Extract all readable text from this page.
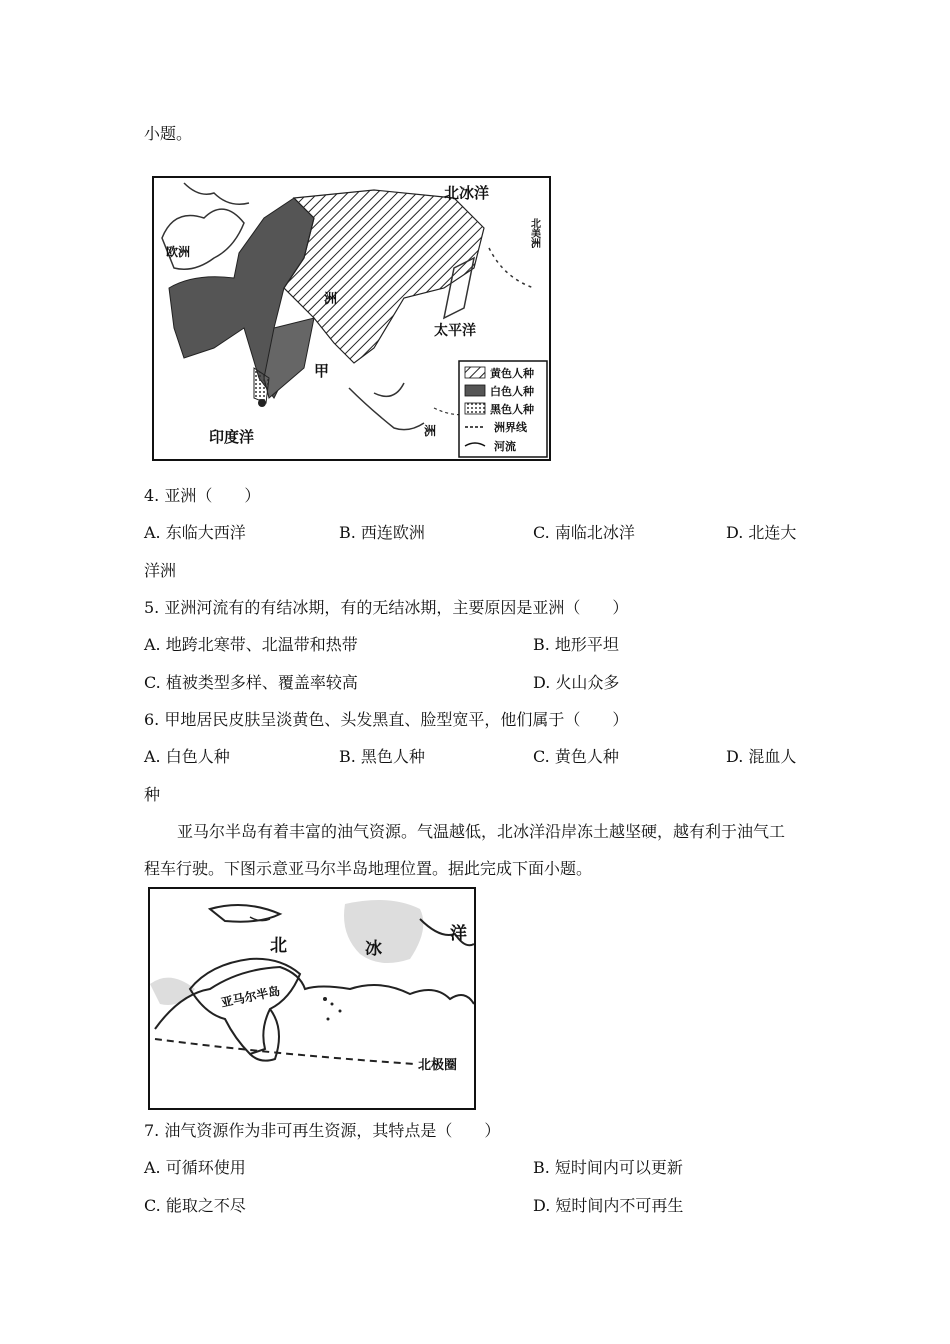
小题。
北冰洋
北美洲
欧洲
洲
太平洋
印度洋
甲
洲
黄色人种
白色人种
黑色人种
洲界线
河流
4. 亚洲（　　）
A. 东临大西洋	B. 西连欧洲	C. 南临北冰洋	D. 北连大
洋洲
5. 亚洲河流有的有结冰期，有的无结冰期，主要原因是亚洲（　　）
A. 地跨北寒带、北温带和热带	B. 地形平坦
C. 植被类型多样、覆盖率较高	D. 火山众多
6. 甲地居民皮肤呈淡黄色、头发黑直、脸型宽平，他们属于（　　）
A. 白色人种	B. 黑色人种	C. 黄色人种	D. 混血人
种
亚马尔半岛有着丰富的油气资源。气温越低，北冰洋沿岸冻土越坚硬，越有利于油气工
程车行驶。下图示意亚马尔半岛地理位置。据此完成下面小题。
北	冰
洋
亚马尔半岛
北极圈
7. 油气资源作为非可再生资源，其特点是（　　）
A. 可循环使用	B. 短时间内可以更新
C. 能取之不尽	D. 短时间内不可再生
